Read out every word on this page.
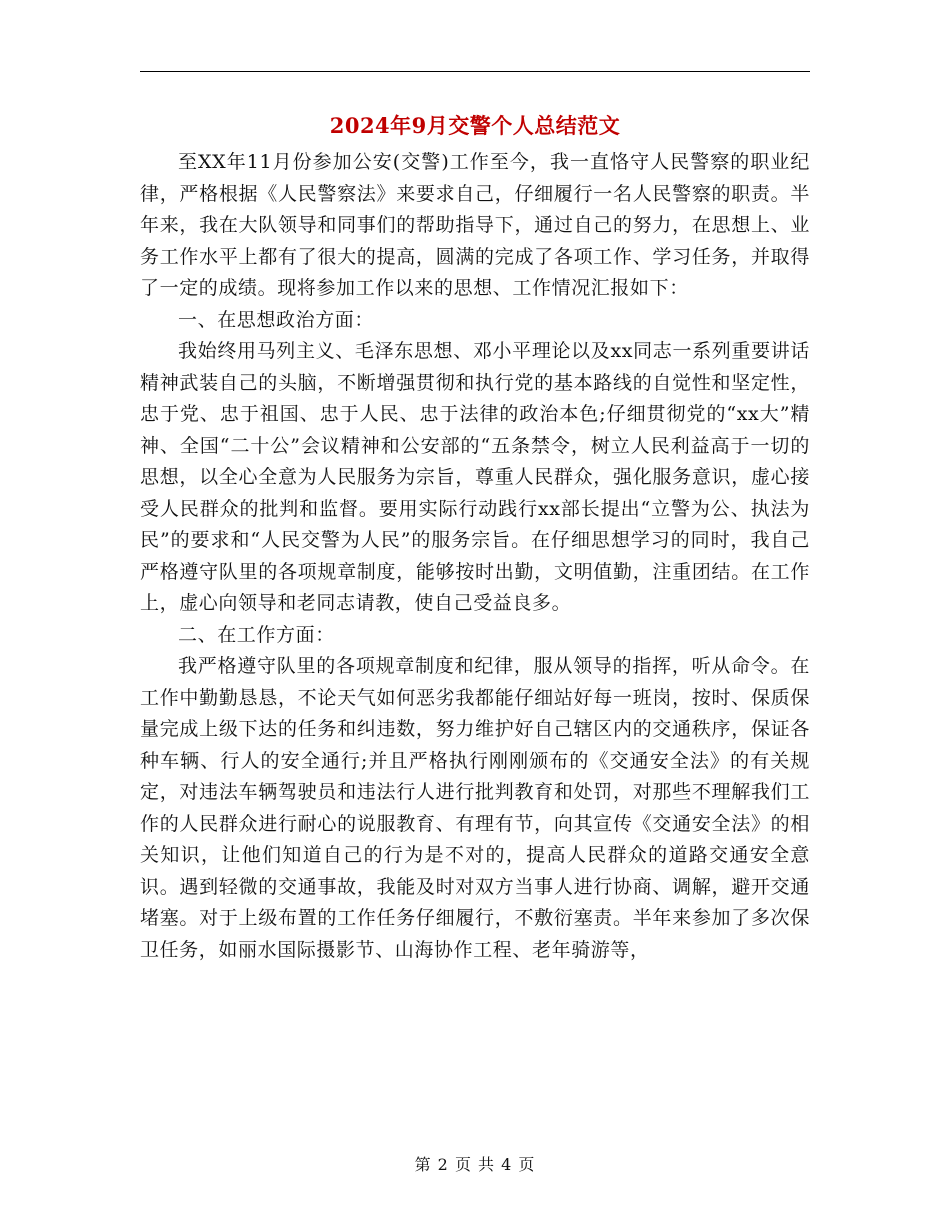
2024年9月交警个人总结范文

至XX年11月份参加公安(交警)工作至今，我一直恪守人民警察的职业纪律，严格根据《人民警察法》来要求自己，仔细履行一名人民警察的职责。半年来，我在大队领导和同事们的帮助指导下，通过自己的努力，在思想上、业务工作水平上都有了很大的提高，圆满的完成了各项工作、学习任务，并取得了一定的成绩。现将参加工作以来的思想、工作情况汇报如下：

一、在思想政治方面：

我始终用马列主义、毛泽东思想、邓小平理论以及xx同志一系列重要讲话精神武装自己的头脑，不断增强贯彻和执行党的基本路线的自觉性和坚定性，忠于党、忠于祖国、忠于人民、忠于法律的政治本色;仔细贯彻党的“xx大”精神、全国“二十公”会议精神和公安部的“五条禁令，树立人民利益高于一切的思想，以全心全意为人民服务为宗旨，尊重人民群众，强化服务意识，虚心接受人民群众的批判和监督。要用实际行动践行xx部长提出“立警为公、执法为民”的要求和“人民交警为人民”的服务宗旨。在仔细思想学习的同时，我自己严格遵守队里的各项规章制度，能够按时出勤，文明值勤，注重团结。在工作上，虚心向领导和老同志请教，使自己受益良多。

二、在工作方面：

我严格遵守队里的各项规章制度和纪律，服从领导的指挥，听从命令。在工作中勤勤恳恳，不论天气如何恶劣我都能仔细站好每一班岗，按时、保质保量完成上级下达的任务和纠违数，努力维护好自己辖区内的交通秩序，保证各种车辆、行人的安全通行;并且严格执行刚刚颁布的《交通安全法》的有关规定，对违法车辆驾驶员和违法行人进行批判教育和处罚，对那些不理解我们工作的人民群众进行耐心的说服教育、有理有节，向其宣传《交通安全法》的相关知识，让他们知道自己的行为是不对的，提高人民群众的道路交通安全意识。遇到轻微的交通事故，我能及时对双方当事人进行协商、调解，避开交通堵塞。对于上级布置的工作任务仔细履行，不敷衍塞责。半年来参加了多次保卫任务，如丽水国际摄影节、山海协作工程、老年骑游等，

第 2 页 共 4 页
